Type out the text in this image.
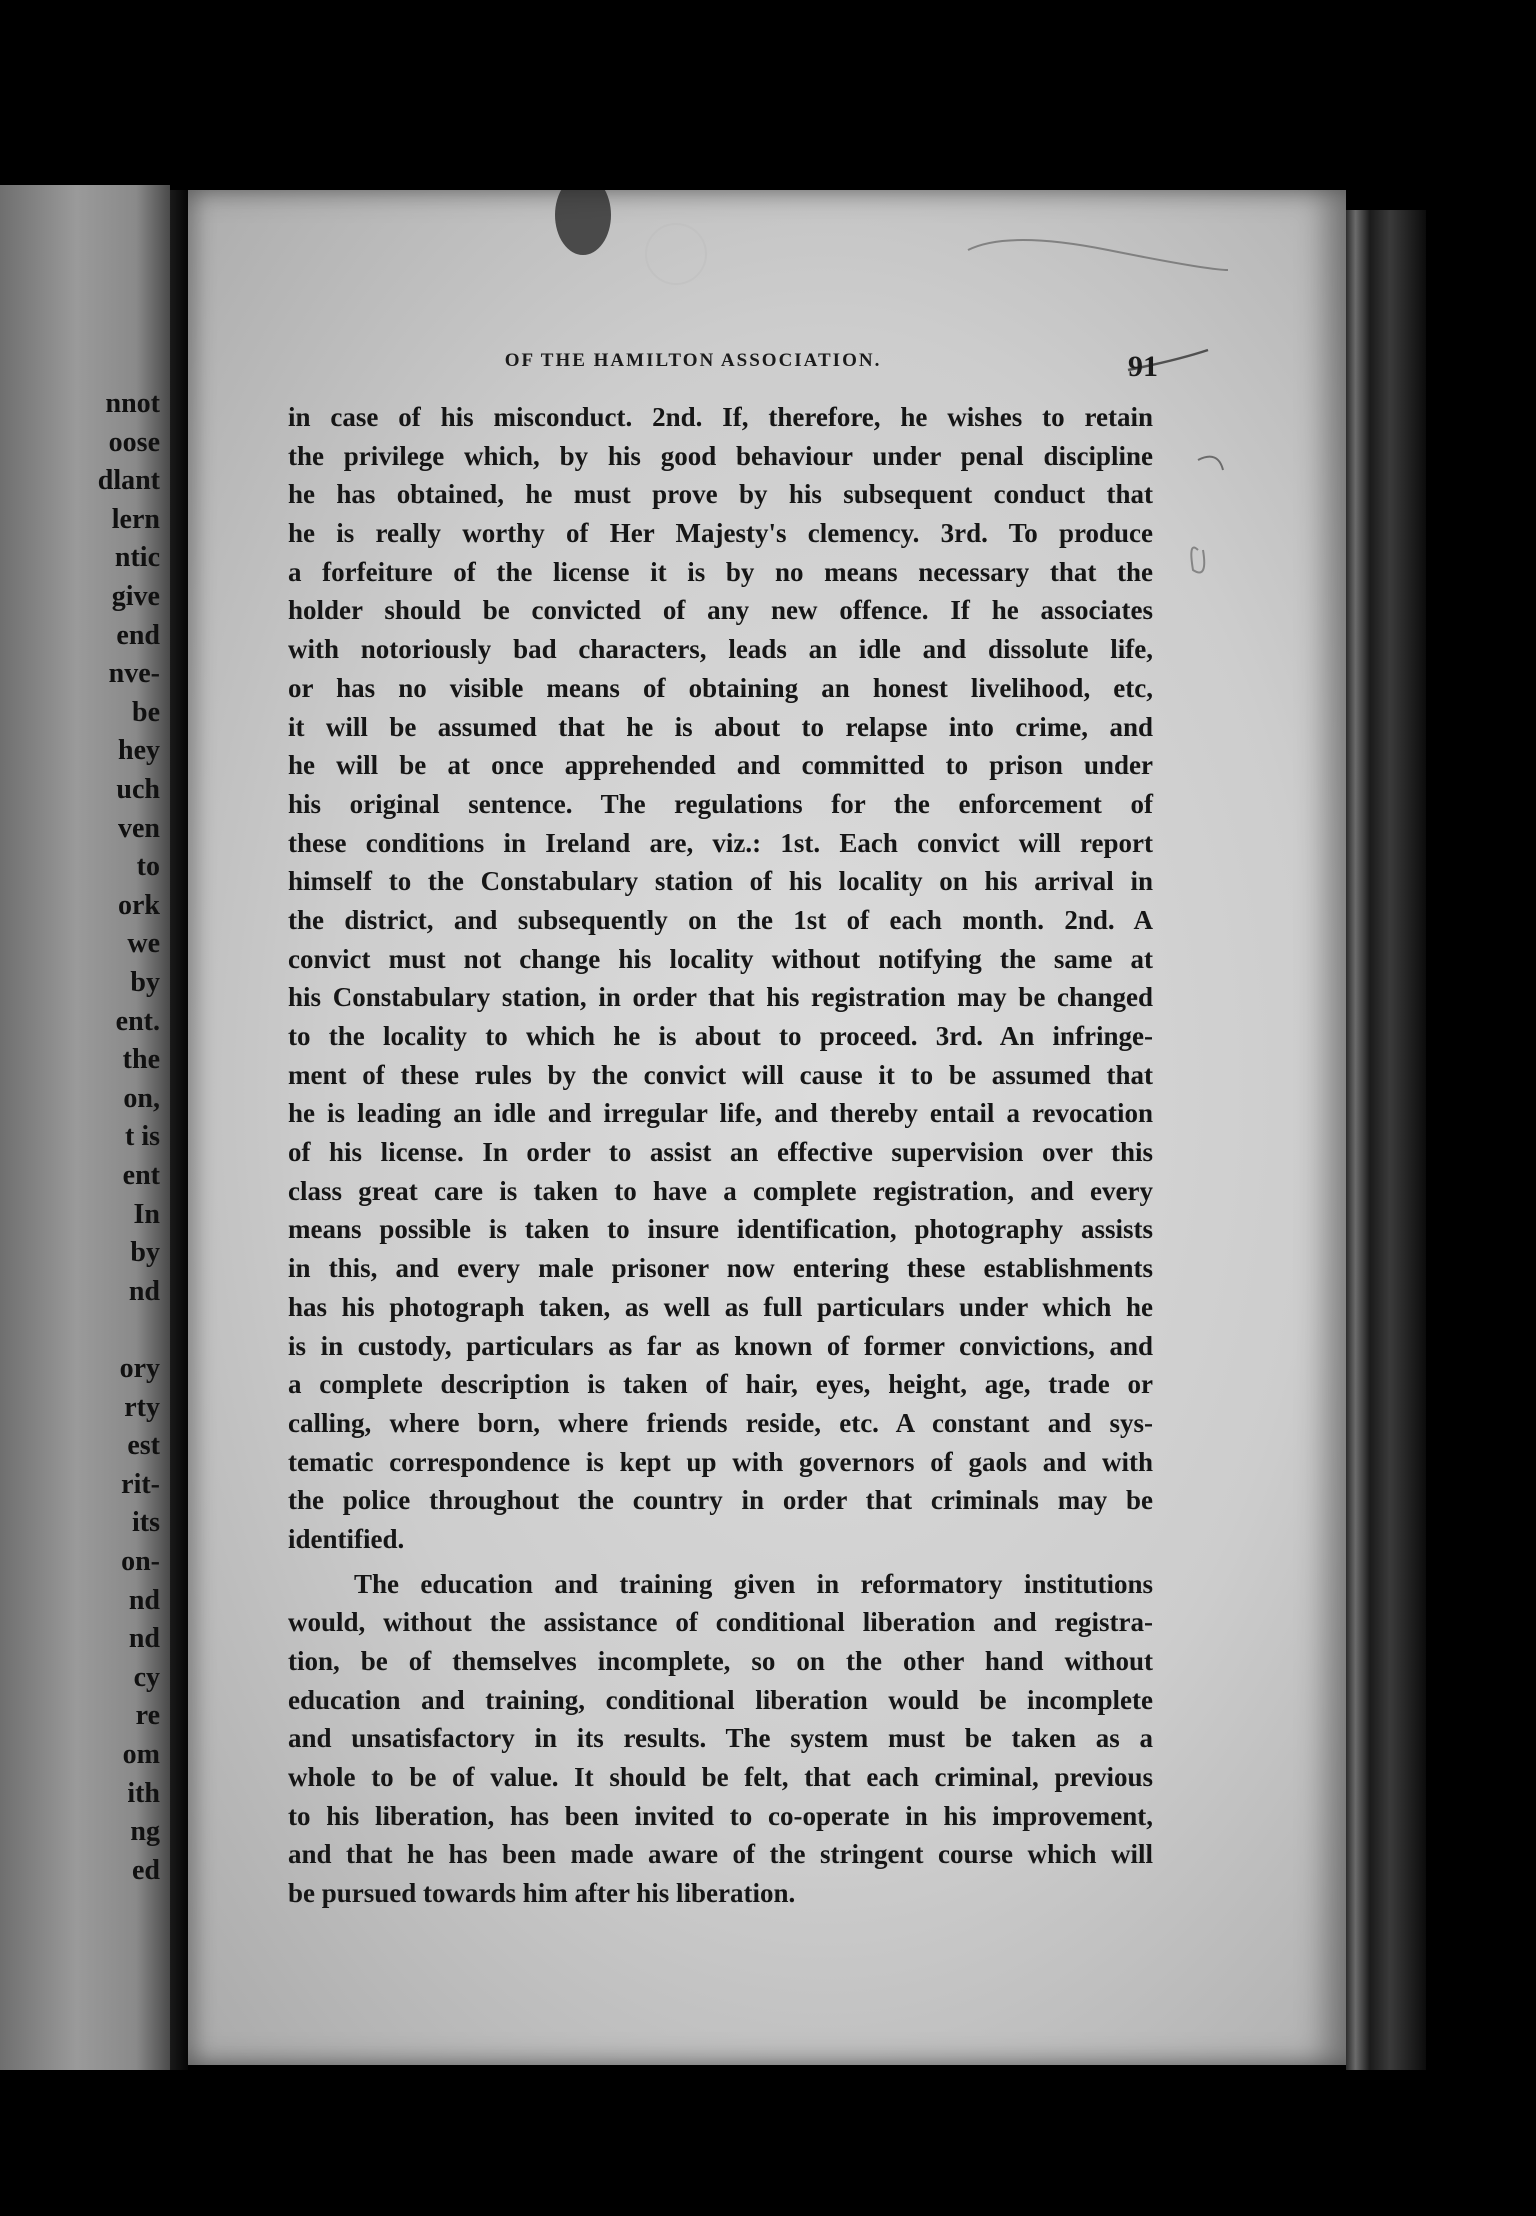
nnot
oose
dlant
lern
ntic
give
end
nve-
be
hey
uch
ven
to
ork
we
by
ent.
the
on,
t is
ent
In
by
nd
ory
rty
est
rit-
its
on-
nd
nd
cy
re
om
ith
ng
ed
OF THE HAMILTON ASSOCIATION.	91
in case of his misconduct. 2nd. If, therefore, he wishes to retain
the privilege which, by his good behaviour under penal discipline
he has obtained, he must prove by his subsequent conduct that
he is really worthy of Her Majesty's clemency. 3rd. To produce
a forfeiture of the license it is by no means necessary that the
holder should be convicted of any new offence. If he associates
with notoriously bad characters, leads an idle and dissolute life,
or has no visible means of obtaining an honest livelihood, etc,
it will be assumed that he is about to relapse into crime, and
he will be at once apprehended and committed to prison under
his original sentence. The regulations for the enforcement of
these conditions in Ireland are, viz.: 1st. Each convict will report
himself to the Constabulary station of his locality on his arrival in
the district, and subsequently on the 1st of each month. 2nd. A
convict must not change his locality without notifying the same at
his Constabulary station, in order that his registration may be changed
to the locality to which he is about to proceed. 3rd. An infringe-
ment of these rules by the convict will cause it to be assumed that
he is leading an idle and irregular life, and thereby entail a revocation
of his license. In order to assist an effective supervision over this
class great care is taken to have a complete registration, and every
means possible is taken to insure identification, photography assists
in this, and every male prisoner now entering these establishments
has his photograph taken, as well as full particulars under which he
is in custody, particulars as far as known of former convictions, and
a complete description is taken of hair, eyes, height, age, trade or
calling, where born, where friends reside, etc. A constant and sys-
tematic correspondence is kept up with governors of gaols and with
the police throughout the country in order that criminals may be
identified.
The education and training given in reformatory institutions
would, without the assistance of conditional liberation and registra-
tion, be of themselves incomplete, so on the other hand without
education and training, conditional liberation would be incomplete
and unsatisfactory in its results. The system must be taken as a
whole to be of value. It should be felt, that each criminal, previous
to his liberation, has been invited to co-operate in his improvement,
and that he has been made aware of the stringent course which will
be pursued towards him after his liberation.
